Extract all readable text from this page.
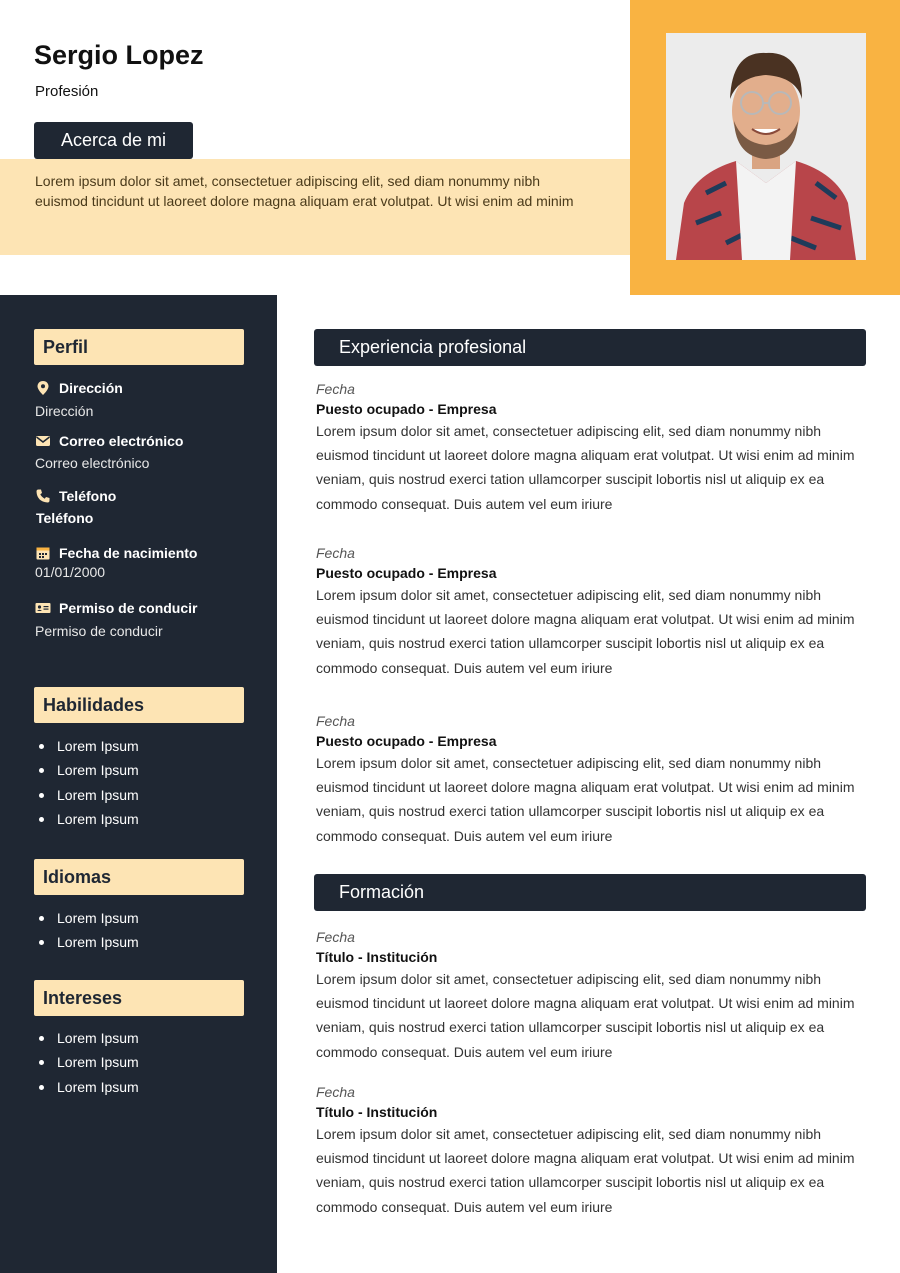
Sergio Lopez
Profesión
Acerca de mi
Lorem ipsum dolor sit amet, consectetuer adipiscing elit, sed diam nonummy nibh euismod tincidunt ut laoreet dolore magna aliquam erat volutpat. Ut wisi enim ad minim
Perfil
Dirección
Dirección
Correo electrónico
Correo electrónico
Teléfono
Teléfono
Fecha de nacimiento
01/01/2000
Permiso de conducir
Permiso de conducir
Habilidades
Lorem Ipsum
Lorem Ipsum
Lorem Ipsum
Lorem Ipsum
Idiomas
Lorem Ipsum
Lorem Ipsum
Intereses
Lorem Ipsum
Lorem Ipsum
Lorem Ipsum
Experiencia profesional
Fecha
Puesto ocupado - Empresa
Lorem ipsum dolor sit amet, consectetuer adipiscing elit, sed diam nonummy nibh euismod tincidunt ut laoreet dolore magna aliquam erat volutpat. Ut wisi enim ad minim veniam, quis nostrud exerci tation ullamcorper suscipit lobortis nisl ut aliquip ex ea commodo consequat. Duis autem vel eum iriure
Fecha
Puesto ocupado - Empresa
Lorem ipsum dolor sit amet, consectetuer adipiscing elit, sed diam nonummy nibh euismod tincidunt ut laoreet dolore magna aliquam erat volutpat. Ut wisi enim ad minim veniam, quis nostrud exerci tation ullamcorper suscipit lobortis nisl ut aliquip ex ea commodo consequat. Duis autem vel eum iriure
Fecha
Puesto ocupado - Empresa
Lorem ipsum dolor sit amet, consectetuer adipiscing elit, sed diam nonummy nibh euismod tincidunt ut laoreet dolore magna aliquam erat volutpat. Ut wisi enim ad minim veniam, quis nostrud exerci tation ullamcorper suscipit lobortis nisl ut aliquip ex ea commodo consequat. Duis autem vel eum iriure
Formación
Fecha
Título - Institución
Lorem ipsum dolor sit amet, consectetuer adipiscing elit, sed diam nonummy nibh euismod tincidunt ut laoreet dolore magna aliquam erat volutpat. Ut wisi enim ad minim veniam, quis nostrud exerci tation ullamcorper suscipit lobortis nisl ut aliquip ex ea commodo consequat. Duis autem vel eum iriure
Fecha
Título - Institución
Lorem ipsum dolor sit amet, consectetuer adipiscing elit, sed diam nonummy nibh euismod tincidunt ut laoreet dolore magna aliquam erat volutpat. Ut wisi enim ad minim veniam, quis nostrud exerci tation ullamcorper suscipit lobortis nisl ut aliquip ex ea commodo consequat. Duis autem vel eum iriure
